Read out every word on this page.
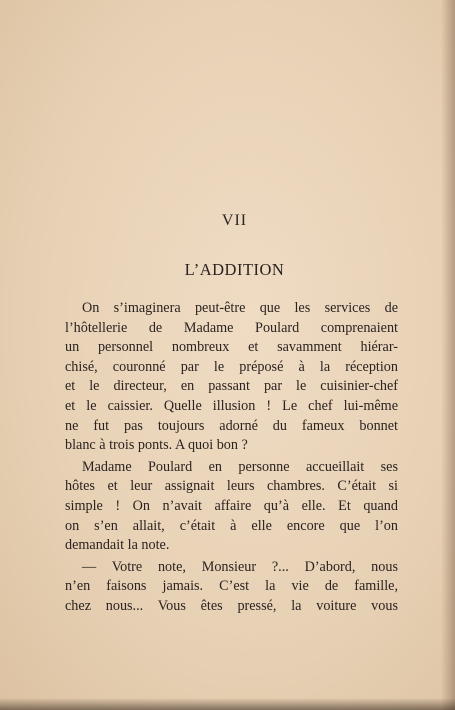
VII
L’ADDITION
On s’imaginera peut-être que les services de
l’hôtellerie de Madame Poulard comprenaient
un personnel nombreux et savamment hiérar-
chisé, couronné par le préposé à la réception
et le directeur, en passant par le cuisinier-chef
et le caissier. Quelle illusion ! Le chef lui-même
ne fut pas toujours adorné du fameux bonnet
blanc à trois ponts. A quoi bon ?
Madame Poulard en personne accueillait ses
hôtes et leur assignait leurs chambres. C’était si
simple ! On n’avait affaire qu’à elle. Et quand
on s’en allait, c’était à elle encore que l’on
demandait la note.
— Votre note, Monsieur ?... D’abord, nous
n’en faisons jamais. C’est la vie de famille,
chez nous... Vous êtes pressé, la voiture vous
